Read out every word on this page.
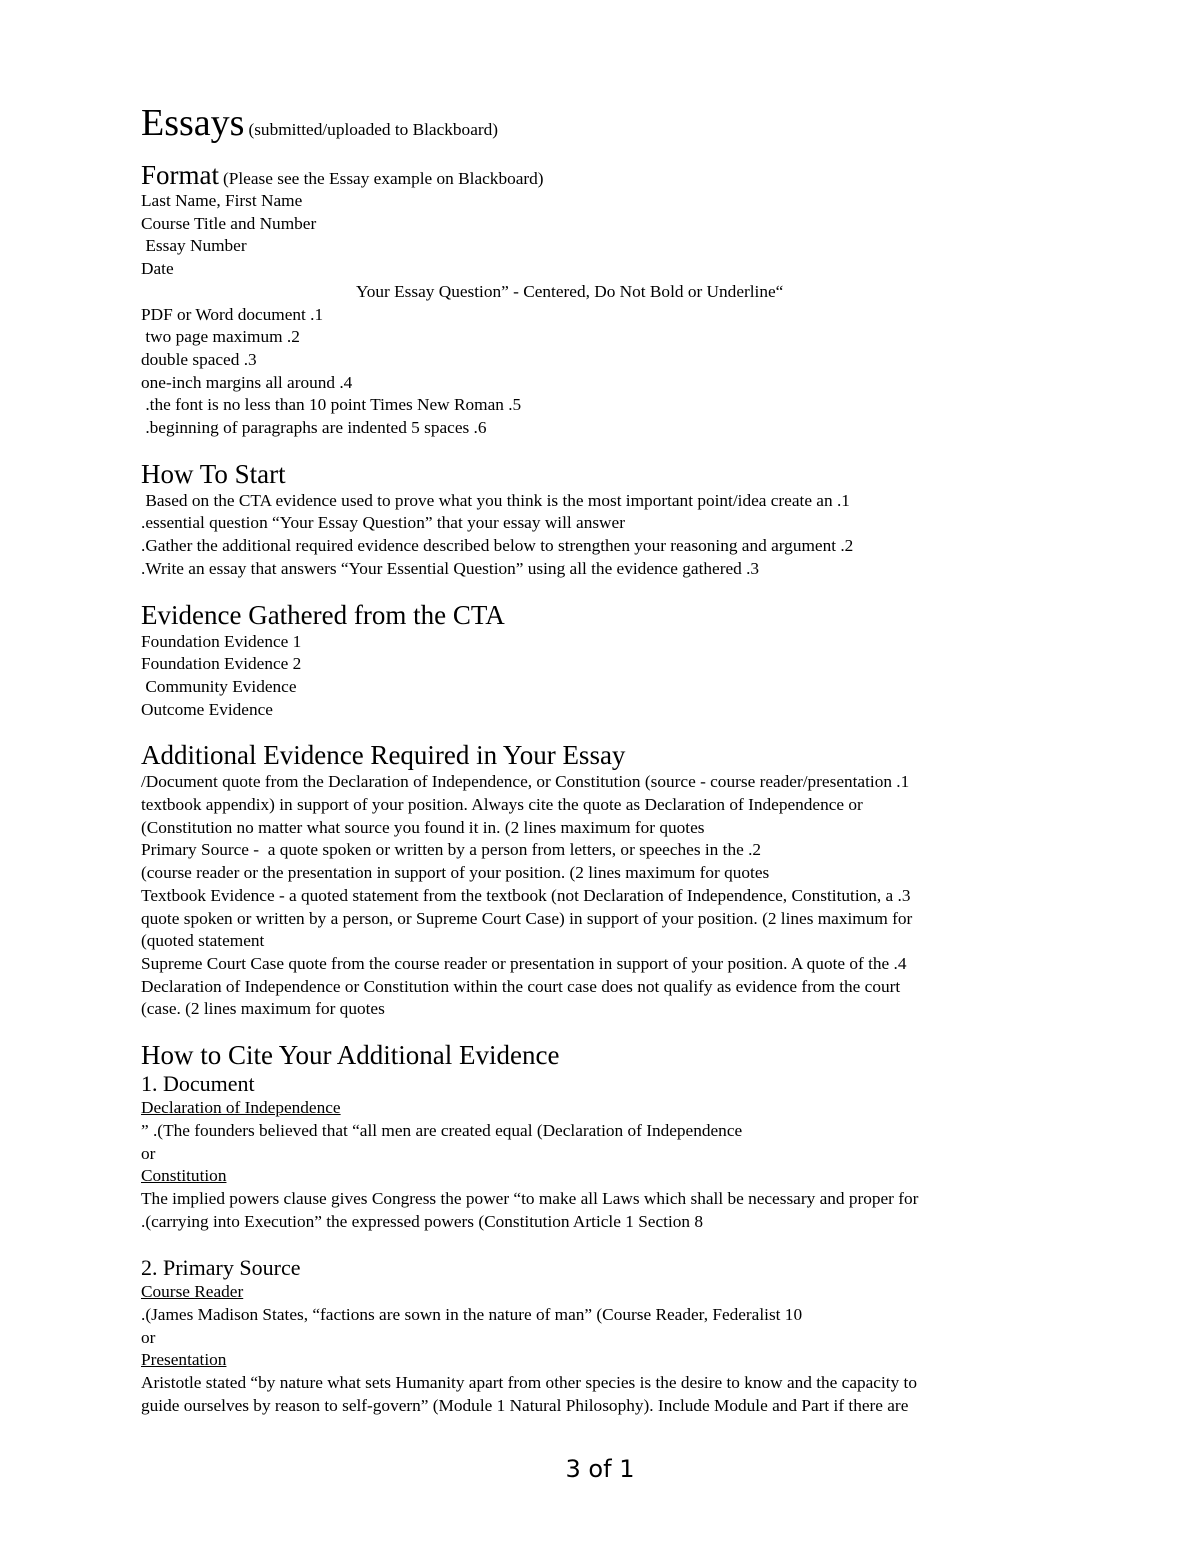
Essays (submitted/uploaded to Blackboard)
Format (Please see the Essay example on Blackboard)
Last Name, First Name
Course Title and Number
Essay Number
Date
Your Essay Question” - Centered, Do Not Bold or Underline“
PDF or Word document .1
two page maximum .2
double spaced .3
one-inch margins all around .4
.the font is no less than 10 point Times New Roman .5
.beginning of paragraphs are indented 5 spaces .6
How To Start
Based on the CTA evidence used to prove what you think is the most important point/idea create an .1
.essential question “Your Essay Question” that your essay will answer
.Gather the additional required evidence described below to strengthen your reasoning and argument .2
.Write an essay that answers “Your Essential Question” using all the evidence gathered .3
Evidence Gathered from the CTA
Foundation Evidence 1
Foundation Evidence 2
Community Evidence
Outcome Evidence
Additional Evidence Required in Your Essay
/Document quote from the Declaration of Independence, or Constitution (source - course reader/presentation .1
textbook appendix) in support of your position. Always cite the quote as Declaration of Independence or
(Constitution no matter what source you found it in. (2 lines maximum for quotes
Primary Source -  a quote spoken or written by a person from letters, or speeches in the .2
(course reader or the presentation in support of your position. (2 lines maximum for quotes
Textbook Evidence - a quoted statement from the textbook (not Declaration of Independence, Constitution, a .3
quote spoken or written by a person, or Supreme Court Case) in support of your position. (2 lines maximum for
(quoted statement
Supreme Court Case quote from the course reader or presentation in support of your position. A quote of the .4
Declaration of Independence or Constitution within the court case does not qualify as evidence from the court
(case. (2 lines maximum for quotes
How to Cite Your Additional Evidence
1. Document
Declaration of Independence
” .(The founders believed that “all men are created equal (Declaration of Independence
or
Constitution
The implied powers clause gives Congress the power “to make all Laws which shall be necessary and proper for
.(carrying into Execution” the expressed powers (Constitution Article 1 Section 8
2. Primary Source
Course Reader
.(James Madison States, “factions are sown in the nature of man” (Course Reader, Federalist 10
or
Presentation
Aristotle stated “by nature what sets Humanity apart from other species is the desire to know and the capacity to
guide ourselves by reason to self-govern” (Module 1 Natural Philosophy). Include Module and Part if there are
3 of 1
